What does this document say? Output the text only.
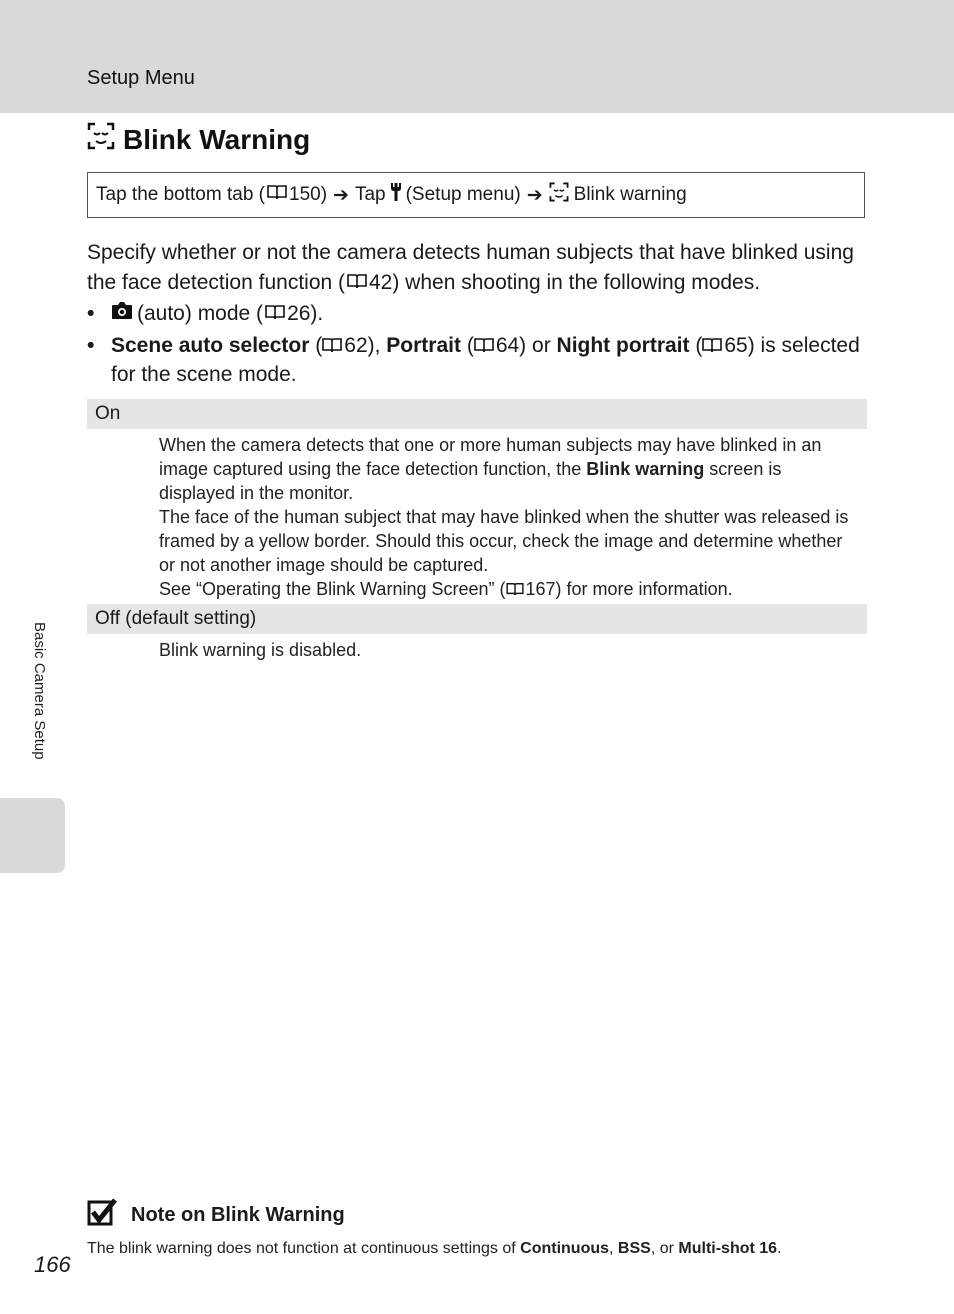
Setup Menu
Blink Warning
Tap the bottom tab ( 150) ➔ Tap (Setup menu) ➔ Blink warning
Specify whether or not the camera detects human subjects that have blinked using the face detection function ( 42) when shooting in the following modes.
• (auto) mode ( 26).
• Scene auto selector ( 62), Portrait ( 64) or Night portrait ( 65) is selected for the scene mode.
On
When the camera detects that one or more human subjects may have blinked in an image captured using the face detection function, the Blink warning screen is displayed in the monitor.
The face of the human subject that may have blinked when the shutter was released is framed by a yellow border. Should this occur, check the image and determine whether or not another image should be captured.
See “Operating the Blink Warning Screen” ( 167) for more information.
Off (default setting)
Blink warning is disabled.
Basic Camera Setup
Note on Blink Warning
The blink warning does not function at continuous settings of Continuous, BSS, or Multi-shot 16.
166
